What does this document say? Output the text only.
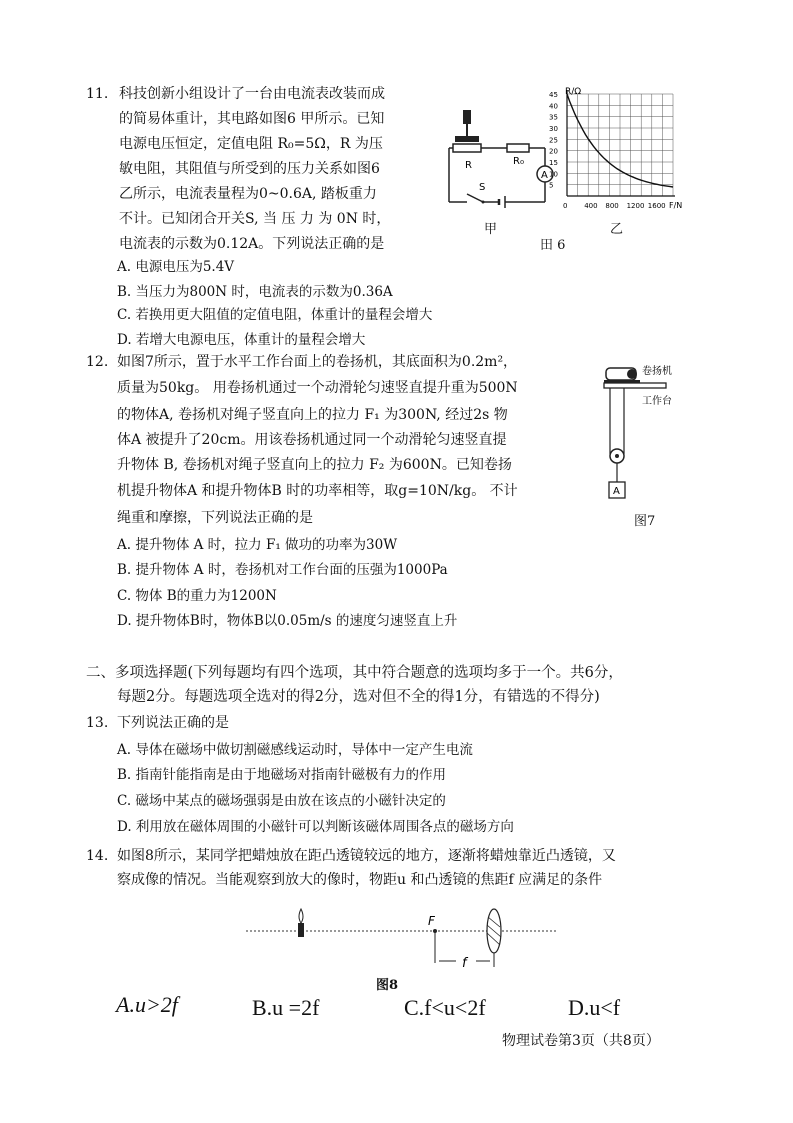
11. 科技创新小组设计了一台由电流表改装而成
的简易体重计，其电路如图6 甲所示。已知
电源电压恒定，定值电阻 R₀=5Ω，R 为压
敏电阻，其阻值与所受到的压力关系如图6
乙所示，电流表量程为0~0.6A, 踏板重力
不计。已知闭合开关S, 当 压 力 为 0N 时，
电流表的示数为0.12A。下列说法正确的是
R	R₀
A
S
R/Ω
F/N
45
40
35
30
25
20
15
10
5
0 400 800 1200 1600
甲
田 6
乙
A. 电源电压为5.4V
B. 当压力为800N 时，电流表的示数为0.36A
C. 若换用更大阻值的定值电阻，体重计的量程会增大
D. 若增大电源电压，体重计的量程会增大
12. 如图7所示，置于水平工作台面上的卷扬机，其底面积为0.2m²，
质量为50kg。 用卷扬机通过一个动滑轮匀速竖直提升重为500N
的物体A, 卷扬机对绳子竖直向上的拉力 F₁ 为300N, 经过2s 物
体A 被提升了20cm。用该卷扬机通过同一个动滑轮匀速竖直提
升物体 B, 卷扬机对绳子竖直向上的拉力 F₂ 为600N。已知卷扬
机提升物体A 和提升物体B 时的功率相等，取g=10N/kg。 不计
绳重和摩擦，下列说法正确的是
A
卷扬机
工作台
图7
A. 提升物体 A 时，拉力 F₁ 做功的功率为30W
B. 提升物体 A 时，卷扬机对工作台面的压强为1000Pa
C. 物体 B的重力为1200N
D. 提升物体B时，物体B以0.05m/s 的速度匀速竖直上升
二、多项选择题(下列每题均有四个选项，其中符合题意的选项均多于一个。共6分，
每题2分。每题选项全选对的得2分，选对但不全的得1分，有错选的不得分)
13. 下列说法正确的是
A. 导体在磁场中做切割磁感线运动时，导体中一定产生电流
B. 指南针能指南是由于地磁场对指南针磁极有力的作用
C. 磁场中某点的磁场强弱是由放在该点的小磁针决定的
D. 利用放在磁体周围的小磁针可以判断该磁体周围各点的磁场方向
14. 如图8所示，某同学把蜡烛放在距凸透镜较远的地方，逐渐将蜡烛靠近凸透镜，又
察成像的情况。当能观察到放大的像时，物距u 和凸透镜的焦距f 应满足的条件
F
f
图8
A.u>2f	B.u =2f	C.f<u<2f	D.u<f
物理试卷第3页（共8页）
